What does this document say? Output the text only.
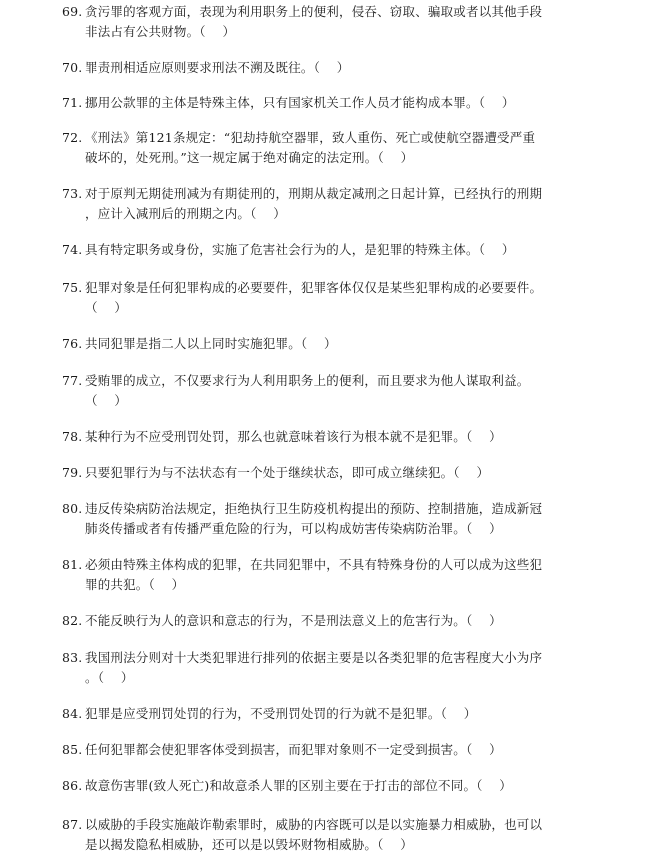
69. 贪污罪的客观方面，表现为利用职务上的便利，侵吞、窃取、骗取或者以其他手段
非法占有公共财物。（    ）
70. 罪责刑相适应原则要求刑法不溯及既往。（    ）
71. 挪用公款罪的主体是特殊主体，只有国家机关工作人员才能构成本罪。（    ）
72. 《刑法》第121条规定：“犯劫持航空器罪，致人重伤、死亡或使航空器遭受严重
破坏的，处死刑。”这一规定属于绝对确定的法定刑。（    ）
73. 对于原判无期徒刑减为有期徒刑的，刑期从裁定减刑之日起计算，已经执行的刑期
，应计入减刑后的刑期之内。（    ）
74. 具有特定职务或身份，实施了危害社会行为的人，是犯罪的特殊主体。（    ）
75. 犯罪对象是任何犯罪构成的必要要件，犯罪客体仅仅是某些犯罪构成的必要要件。
（    ）
76. 共同犯罪是指二人以上同时实施犯罪。（    ）
77. 受贿罪的成立，不仅要求行为人利用职务上的便利，而且要求为他人谋取利益。
（    ）
78. 某种行为不应受刑罚处罚，那么也就意味着该行为根本就不是犯罪。（    ）
79. 只要犯罪行为与不法状态有一个处于继续状态，即可成立继续犯。（    ）
80. 违反传染病防治法规定，拒绝执行卫生防疫机构提出的预防、控制措施，造成新冠
肺炎传播或者有传播严重危险的行为，可以构成妨害传染病防治罪。（    ）
81. 必须由特殊主体构成的犯罪，在共同犯罪中，不具有特殊身份的人可以成为这些犯
罪的共犯。（    ）
82. 不能反映行为人的意识和意志的行为，不是刑法意义上的危害行为。（    ）
83. 我国刑法分则对十大类犯罪进行排列的依据主要是以各类犯罪的危害程度大小为序
。（    ）
84. 犯罪是应受刑罚处罚的行为，不受刑罚处罚的行为就不是犯罪。（    ）
85. 任何犯罪都会使犯罪客体受到损害，而犯罪对象则不一定受到损害。（    ）
86. 故意伤害罪(致人死亡)和故意杀人罪的区别主要在于打击的部位不同。（    ）
87. 以威胁的手段实施敲诈勒索罪时，威胁的内容既可以是以实施暴力相威胁，也可以
是以揭发隐私相威胁，还可以是以毁坏财物相威胁。（    ）
